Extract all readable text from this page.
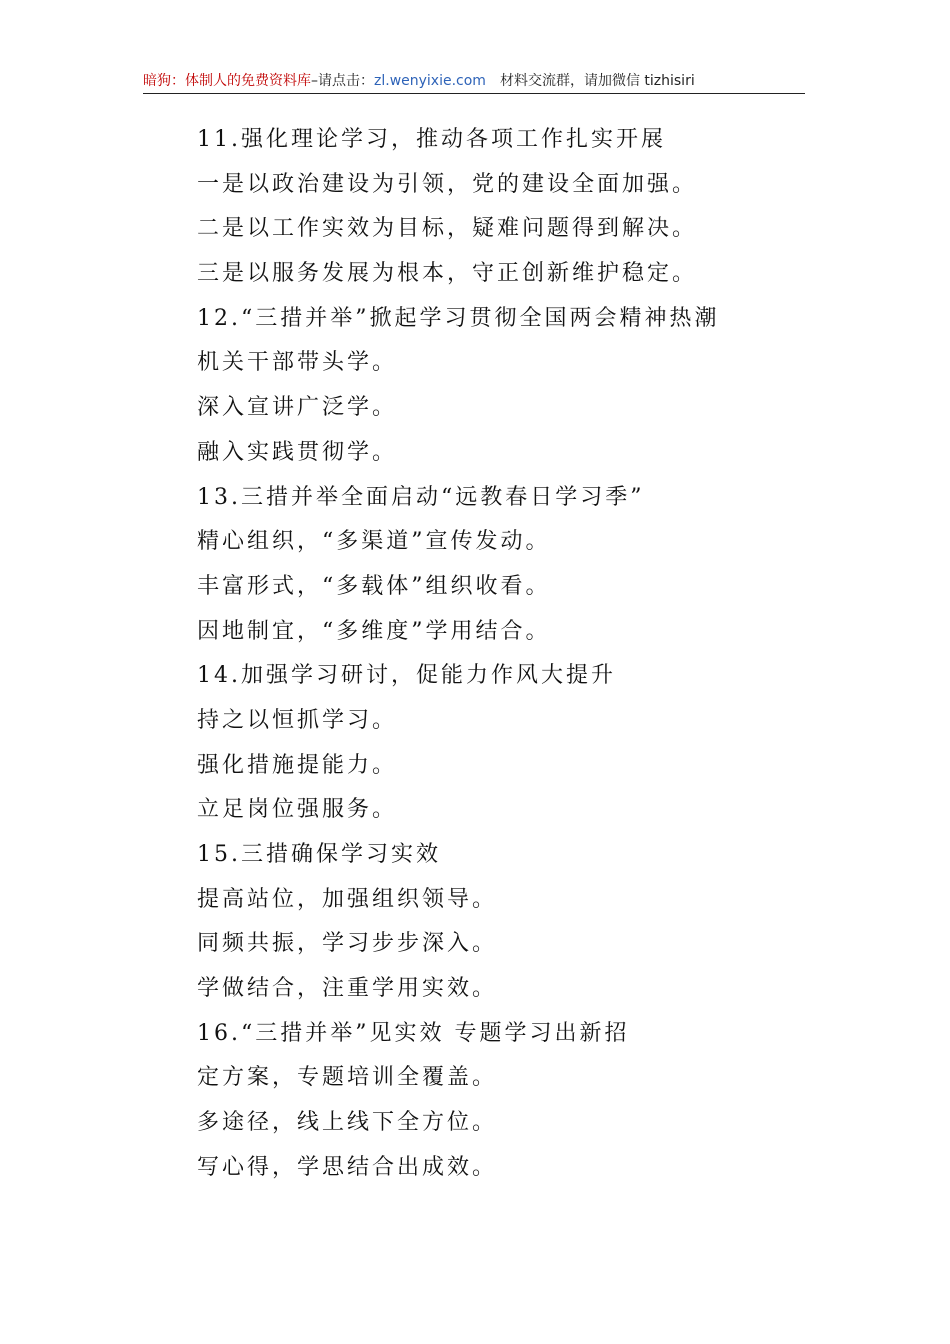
暗狗：体制人的免费资料库–请点击：zl.wenyixie.com 材料交流群，请加微信 tizhisiri
11.强化理论学习，推动各项工作扎实开展
一是以政治建设为引领，党的建设全面加强。
二是以工作实效为目标，疑难问题得到解决。
三是以服务发展为根本，守正创新维护稳定。
12.“三措并举”掀起学习贯彻全国两会精神热潮
机关干部带头学。
深入宣讲广泛学。
融入实践贯彻学。
13.三措并举全面启动“远教春日学习季”
精心组织，“多渠道”宣传发动。
丰富形式，“多载体”组织收看。
因地制宜，“多维度”学用结合。
14.加强学习研讨，促能力作风大提升
持之以恒抓学习。
强化措施提能力。
立足岗位强服务。
15.三措确保学习实效
提高站位，加强组织领导。
同频共振，学习步步深入。
学做结合，注重学用实效。
16.“三措并举”见实效 专题学习出新招
定方案，专题培训全覆盖。
多途径，线上线下全方位。
写心得，学思结合出成效。
